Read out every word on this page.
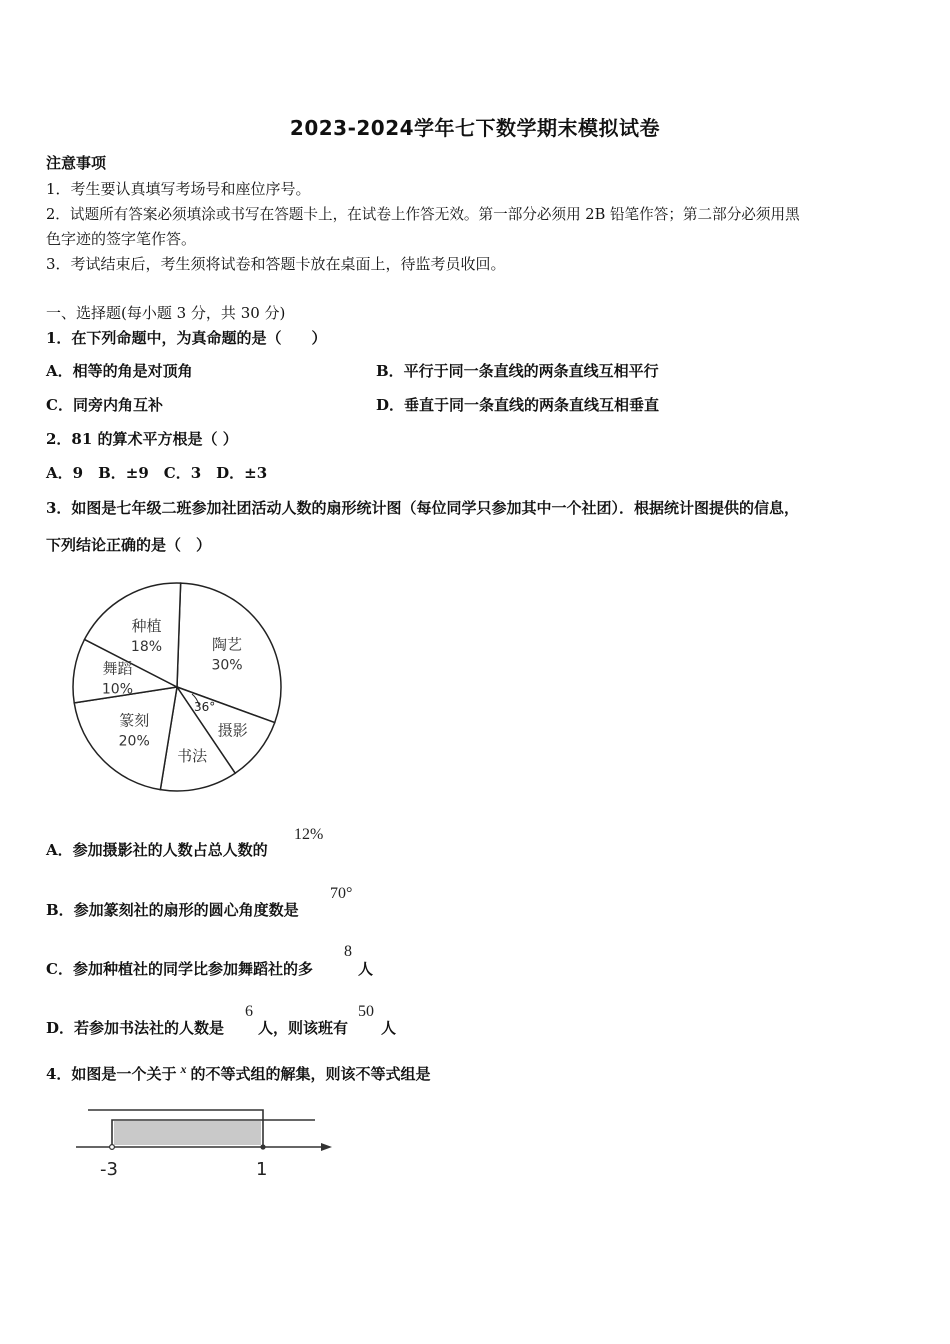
2023-2024学年七下数学期末模拟试卷
注意事项
1．考生要认真填写考场号和座位序号。
2．试题所有答案必须填涂或书写在答题卡上，在试卷上作答无效。第一部分必须用 2B 铅笔作答；第二部分必须用黑
色字迹的签字笔作答。
3．考试结束后，考生须将试卷和答题卡放在桌面上，待监考员收回。
一、选择题(每小题 3 分，共 30 分)
1．在下列命题中，为真命题的是（　　）
A．相等的角是对顶角	B．平行于同一条直线的两条直线互相平行
C．同旁内角互补	D．垂直于同一条直线的两条直线互相垂直
2．81 的算术平方根是（ ）
A．9　B．±9　C．3　D．±3
3．如图是七年级二班参加社团活动人数的扇形统计图（每位同学只参加其中一个社团）．根据统计图提供的信息，
下列结论正确的是（　）
陶艺
30%
摄影
书法
篆刻
20%
舞蹈
10%
种植
18%
36°
A．参加摄影社的人数占总人数的
12%
B．参加篆刻社的扇形的圆心角度数是
70°
C．参加种植社的同学比参加舞蹈社的多
8
人
D．若参加书法社的人数是
6
人，则该班有
50
人
4．如图是一个关于 $^x$ 的不等式组的解集，则该不等式组是
-3	1
